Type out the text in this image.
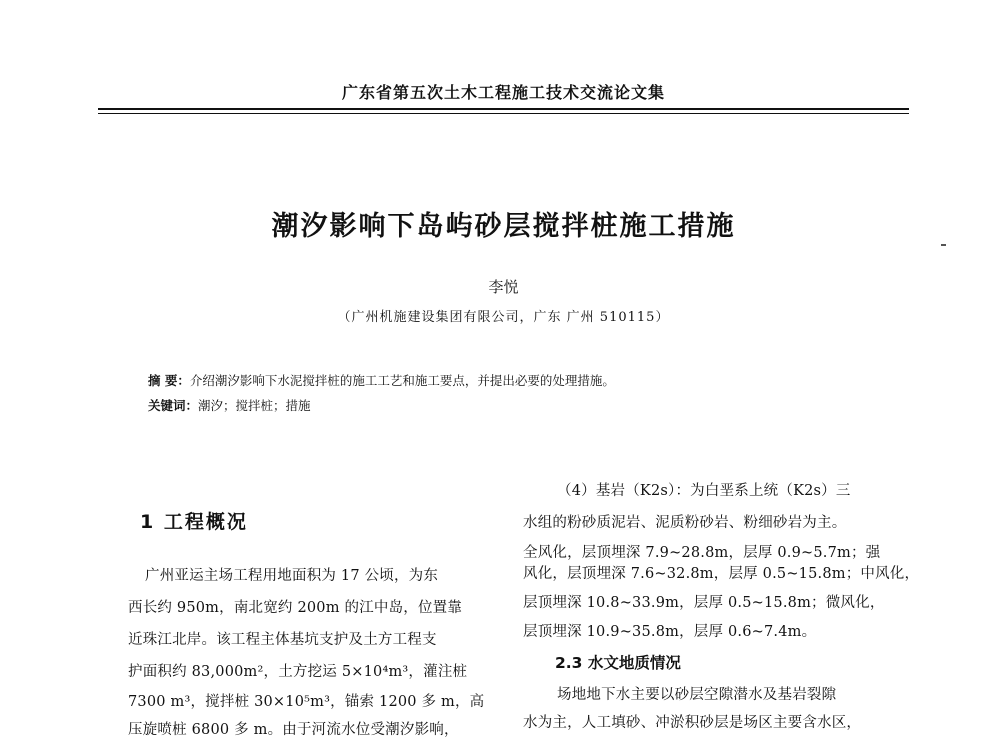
广东省第五次土木工程施工技术交流论文集
潮汐影响下岛屿砂层搅拌桩施工措施
李悦
（广州机施建设集团有限公司，广东 广州 510115）
摘 要：介绍潮汐影响下水泥搅拌桩的施工工艺和施工要点，并提出必要的处理措施。
关键词：潮汐；搅拌桩；措施
1 工程概况
广州亚运主场工程用地面积为 17 公顷，为东
西长约 950m，南北宽约 200m 的江中岛，位置靠
近珠江北岸。该工程主体基坑支护及土方工程支
护面积约 83,000m²，土方挖运 5×10⁴m³，灌注桩
7300 m³，搅拌桩 30×10⁵m³，锚索 1200 多 m，高
压旋喷桩 6800 多 m。由于河流水位受潮汐影响，
（4）基岩（K2s）：为白垩系上统（K2s）三
水组的粉砂质泥岩、泥质粉砂岩、粉细砂岩为主。
全风化，层顶埋深 7.9~28.8m，层厚 0.9~5.7m；强
风化，层顶埋深 7.6~32.8m，层厚 0.5~15.8m；中风化，
层顶埋深 10.8~33.9m，层厚 0.5~15.8m；微风化，
层顶埋深 10.9~35.8m，层厚 0.6~7.4m。
2.3 水文地质情况
场地地下水主要以砂层空隙潜水及基岩裂隙
水为主，人工填砂、冲淤积砂层是场区主要含水区，
